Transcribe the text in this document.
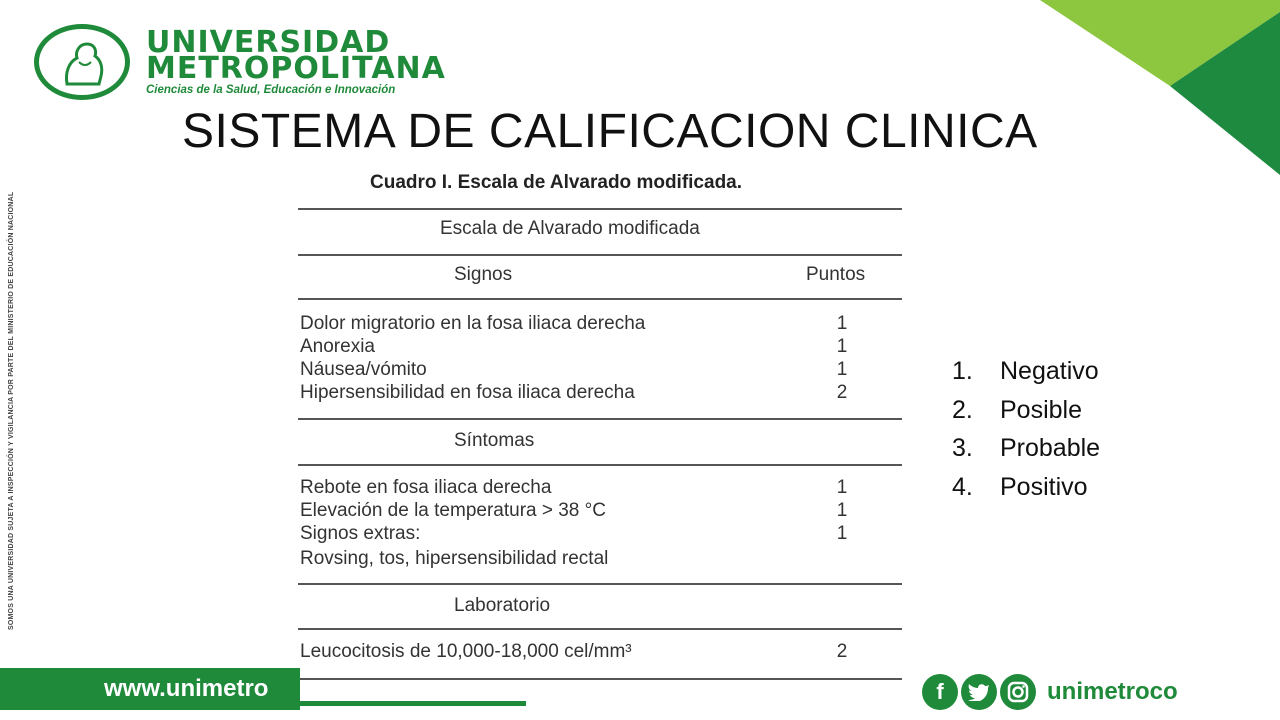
UNIVERSIDAD
METROPOLITANA
Ciencias de la Salud, Educación e Innovación
SOMOS UNA UNIVERSIDAD SUJETA A INSPECCIÓN Y VIGILANCIA POR PARTE DEL MINISTERIO DE EDUCACIÓN NACIONAL
SISTEMA DE CALIFICACION CLINICA
Cuadro I. Escala de Alvarado modificada.
Escala de Alvarado modificada
Signos	Puntos
Dolor migratorio en la fosa iliaca derecha	1
Anorexia	1
Náusea/vómito	1
Hipersensibilidad en fosa iliaca derecha	2
Síntomas
Rebote en fosa iliaca derecha	1
Elevación de la temperatura > 38 °C	1
Signos extras:	1
Rovsing, tos, hipersensibilidad rectal
Laboratorio
Leucocitosis de 10,000-18,000 cel/mm³	2
1. Negativo
2. Posible
3. Probable
4. Positivo
www.unimetro	f	unimetroco
